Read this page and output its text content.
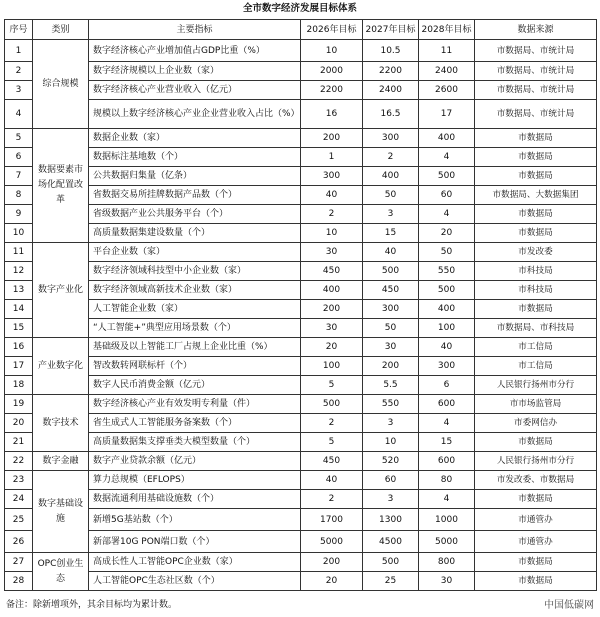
全市数字经济发展目标体系
序号	类别	主要指标	2026年目标	2027年目标	2028年目标	数据来源
1	综合规模	数字经济核心产业增加值占GDP比重（%）	10	10.5	11	市数据局、市统计局
2		数字经济规模以上企业数（家）	2000	2200	2400	市数据局、市统计局
3		数字经济核心产业营业收入（亿元）	2200	2400	2600	市数据局、市统计局
4		规模以上数字经济核心产业企业营业收入占比（%）	16	16.5	17	市数据局、市统计局
5	数据要素市场化配置改革	数据企业数（家）	200	300	400	市数据局
6		数据标注基地数（个）	1	2	4	市数据局
7		公共数据归集量（亿条）	300	400	500	市数据局
8		省数据交易所挂牌数据产品数（个）	40	50	60	市数据局、大数据集团
9		省级数据产业公共服务平台（个）	2	3	4	市数据局
10		高质量数据集建设数量（个）	10	15	20	市数据局
11	数字产业化	平台企业数（家）	30	40	50	市发改委
12		数字经济领域科技型中小企业数（家）	450	500	550	市科技局
13		数字经济领域高新技术企业数（家）	400	450	500	市科技局
14		人工智能企业数（家）	200	300	400	市数据局
15		“人工智能+”典型应用场景数（个）	30	50	100	市数据局、市科技局
16	产业数字化	基础级及以上智能工厂占规上企业比重（%）	20	30	40	市工信局
17		智改数转网联标杆（个）	100	200	300	市工信局
18		数字人民币消费金额（亿元）	5	5.5	6	人民银行扬州市分行
19	数字技术	数字经济核心产业有效发明专利量（件）	500	550	600	市市场监管局
20		省生成式人工智能服务备案数（个）	2	3	4	市委网信办
21		高质量数据集支撑垂类大模型数量（个）	5	10	15	市数据局
22	数字金融	数字产业贷款余额（亿元）	450	520	600	人民银行扬州市分行
23	数字基础设施	算力总规模（EFLOPS）	40	60	80	市发改委、市数据局
24		数据流通利用基础设施数（个）	2	3	4	市数据局
25		新增5G基站数（个）	1700	1300	1000	市通管办
26		新部署10G PON端口数（个）	5000	4500	5000	市通管办
27	OPC创业生态	高成长性人工智能OPC企业数（家）	200	500	800	市数据局
28		人工智能OPC生态社区数（个）	20	25	30	市数据局
备注：除新增项外，其余目标均为累计数。	中国低碳网
